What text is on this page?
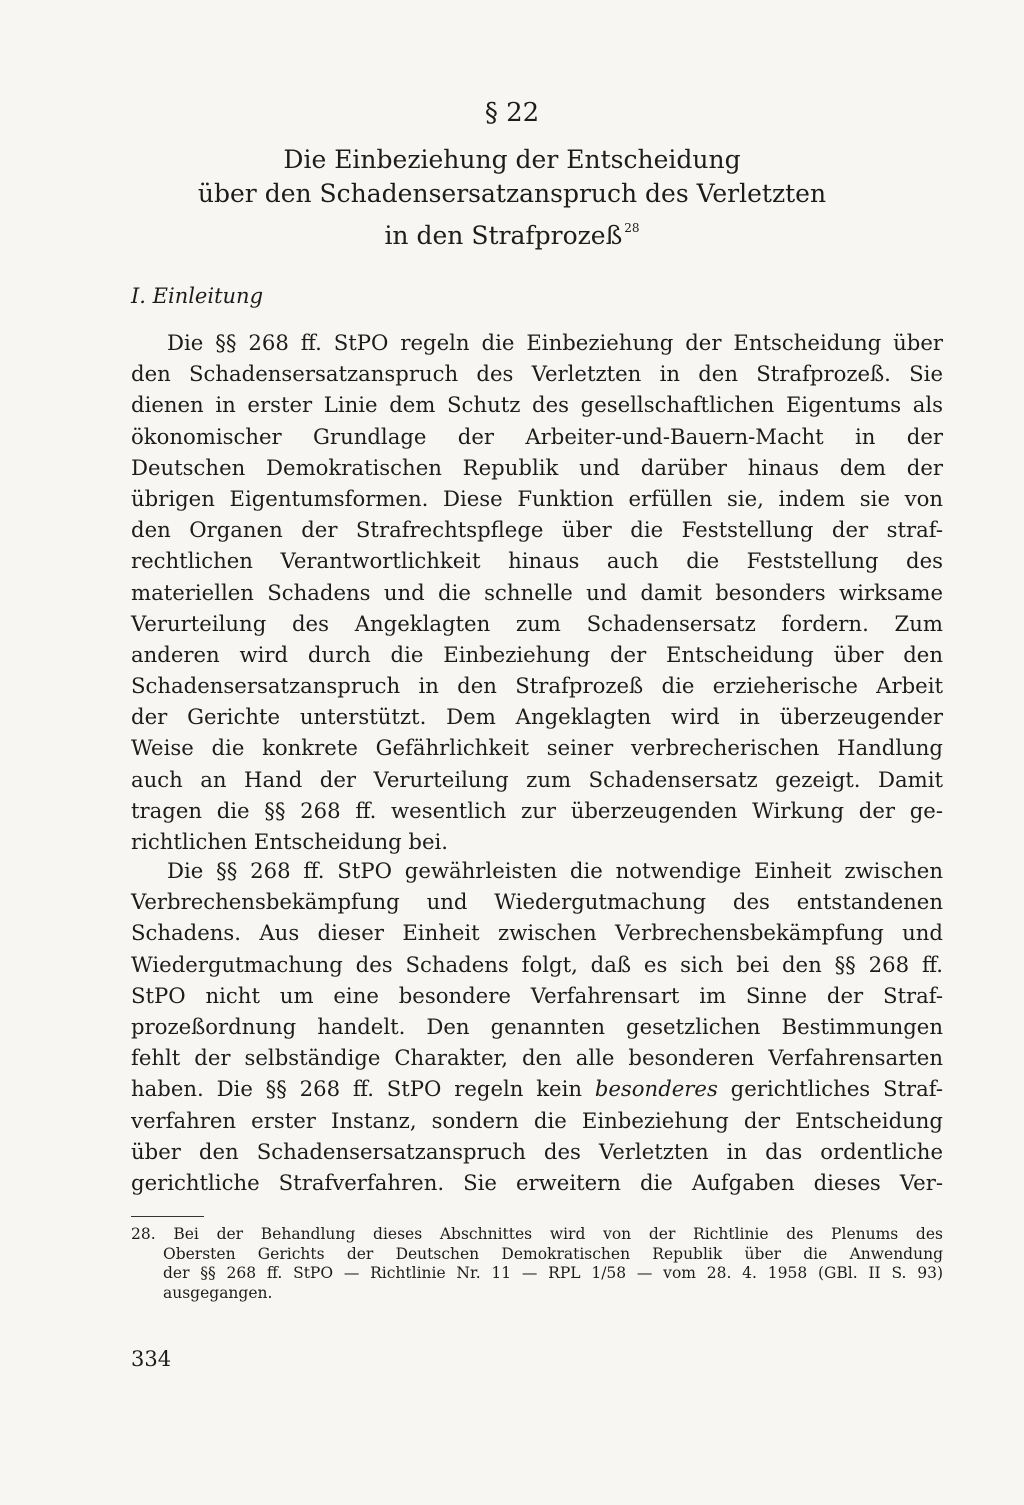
§ 22
Die Einbeziehung der Entscheidung
über den Schadensersatzanspruch des Verletzten
in den Strafprozeß $^{28}$
I. Einleitung
Die §§ 268 ff. StPO regeln die Einbeziehung der Entscheidung über
den Schadensersatzanspruch des Verletzten in den Strafprozeß. Sie
dienen in erster Linie dem Schutz des gesellschaftlichen Eigentums als
ökonomischer Grundlage der Arbeiter-und-Bauern-Macht in der
Deutschen Demokratischen Republik und darüber hinaus dem der
übrigen Eigentumsformen. Diese Funktion erfüllen sie, indem sie von
den Organen der Strafrechtspflege über die Feststellung der straf-
rechtlichen Verantwortlichkeit hinaus auch die Feststellung des
materiellen Schadens und die schnelle und damit besonders wirksame
Verurteilung des Angeklagten zum Schadensersatz fordern. Zum
anderen wird durch die Einbeziehung der Entscheidung über den
Schadensersatzanspruch in den Strafprozeß die erzieherische Arbeit
der Gerichte unterstützt. Dem Angeklagten wird in überzeugender
Weise die konkrete Gefährlichkeit seiner verbrecherischen Handlung
auch an Hand der Verurteilung zum Schadensersatz gezeigt. Damit
tragen die §§ 268 ff. wesentlich zur überzeugenden Wirkung der ge-
richtlichen Entscheidung bei.
Die §§ 268 ff. StPO gewährleisten die notwendige Einheit zwischen
Verbrechensbekämpfung und Wiedergutmachung des entstandenen
Schadens. Aus dieser Einheit zwischen Verbrechensbekämpfung und
Wiedergutmachung des Schadens folgt, daß es sich bei den §§ 268 ff.
StPO nicht um eine besondere Verfahrensart im Sinne der Straf-
prozeßordnung handelt. Den genannten gesetzlichen Bestimmungen
fehlt der selbständige Charakter, den alle besonderen Verfahrensarten
haben. Die §§ 268 ff. StPO regeln kein besonderes gerichtliches Straf-
verfahren erster Instanz, sondern die Einbeziehung der Entscheidung
über den Schadensersatzanspruch des Verletzten in das ordentliche
gerichtliche Strafverfahren. Sie erweitern die Aufgaben dieses Ver-
28. Bei der Behandlung dieses Abschnittes wird von der Richtlinie des Plenums des
Obersten Gerichts der Deutschen Demokratischen Republik über die Anwendung
der §§ 268 ff. StPO — Richtlinie Nr. 11 — RPL 1/58 — vom 28. 4. 1958 (GBl. II S. 93)
ausgegangen.
334
